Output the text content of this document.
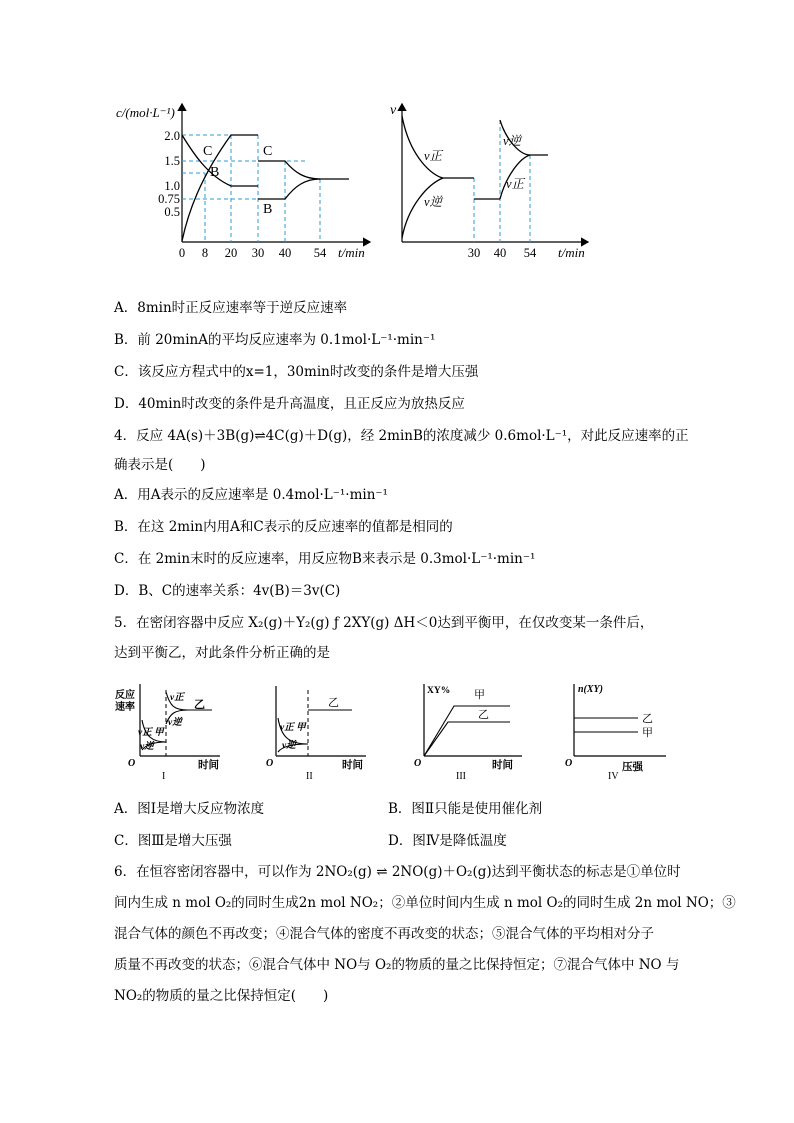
c/(mol·L⁻¹)
2.0
1.5
1.0
0.75
0.5
0 8 20 30 40 54 t/min
C
B
C
B
v
v正
v逆
v逆
v正
30 40 54 t/min
A．8min时正反应速率等于逆反应速率
B．前 20minA的平均反应速率为 0.1mol·L⁻¹·min⁻¹
C．该反应方程式中的x=1，30min时改变的条件是增大压强
D．40min时改变的条件是升高温度，且正反应为放热反应
4．反应 4A(s)＋3B(g)⇌4C(g)＋D(g)，经 2minB的浓度减少 0.6mol·L⁻¹，对此反应速率的正
确表示是(　　)
A．用A表示的反应速率是 0.4mol·L⁻¹·min⁻¹
B．在这 2min内用A和C表示的反应速率的值都是相同的
C．在 2min末时的反应速率，用反应物B来表示是 0.3mol·L⁻¹·min⁻¹
D．B、C的速率关系：4v(B)＝3v(C)
5．在密闭容器中反应 X₂(g)＋Y₂(g) ƒ 2XY(g) ΔH＜0达到平衡甲，在仅改变某一条件后，
达到平衡乙，对此条件分析正确的是
反应
速率
v正
乙
v正 甲
v逆
v逆
O	时间
I
乙
v正 甲
v逆
O	时间
II
XY% 甲
乙
O	时间
III
n(XY)
乙
甲
O	压强
IV
A．图Ⅰ是增大反应物浓度	B．图Ⅱ只能是使用催化剂
C．图Ⅲ是增大压强	D．图Ⅳ是降低温度
6．在恒容密闭容器中，可以作为 2NO₂(g) ⇌ 2NO(g)＋O₂(g)达到平衡状态的标志是①单位时
间内生成 n mol O₂的同时生成2n mol NO₂；②单位时间内生成 n mol O₂的同时生成 2n mol NO；③
混合气体的颜色不再改变；④混合气体的密度不再改变的状态；⑤混合气体的平均相对分子
质量不再改变的状态；⑥混合气体中 NO与 O₂的物质的量之比保持恒定；⑦混合气体中 NO 与
NO₂的物质的量之比保持恒定(　　)
